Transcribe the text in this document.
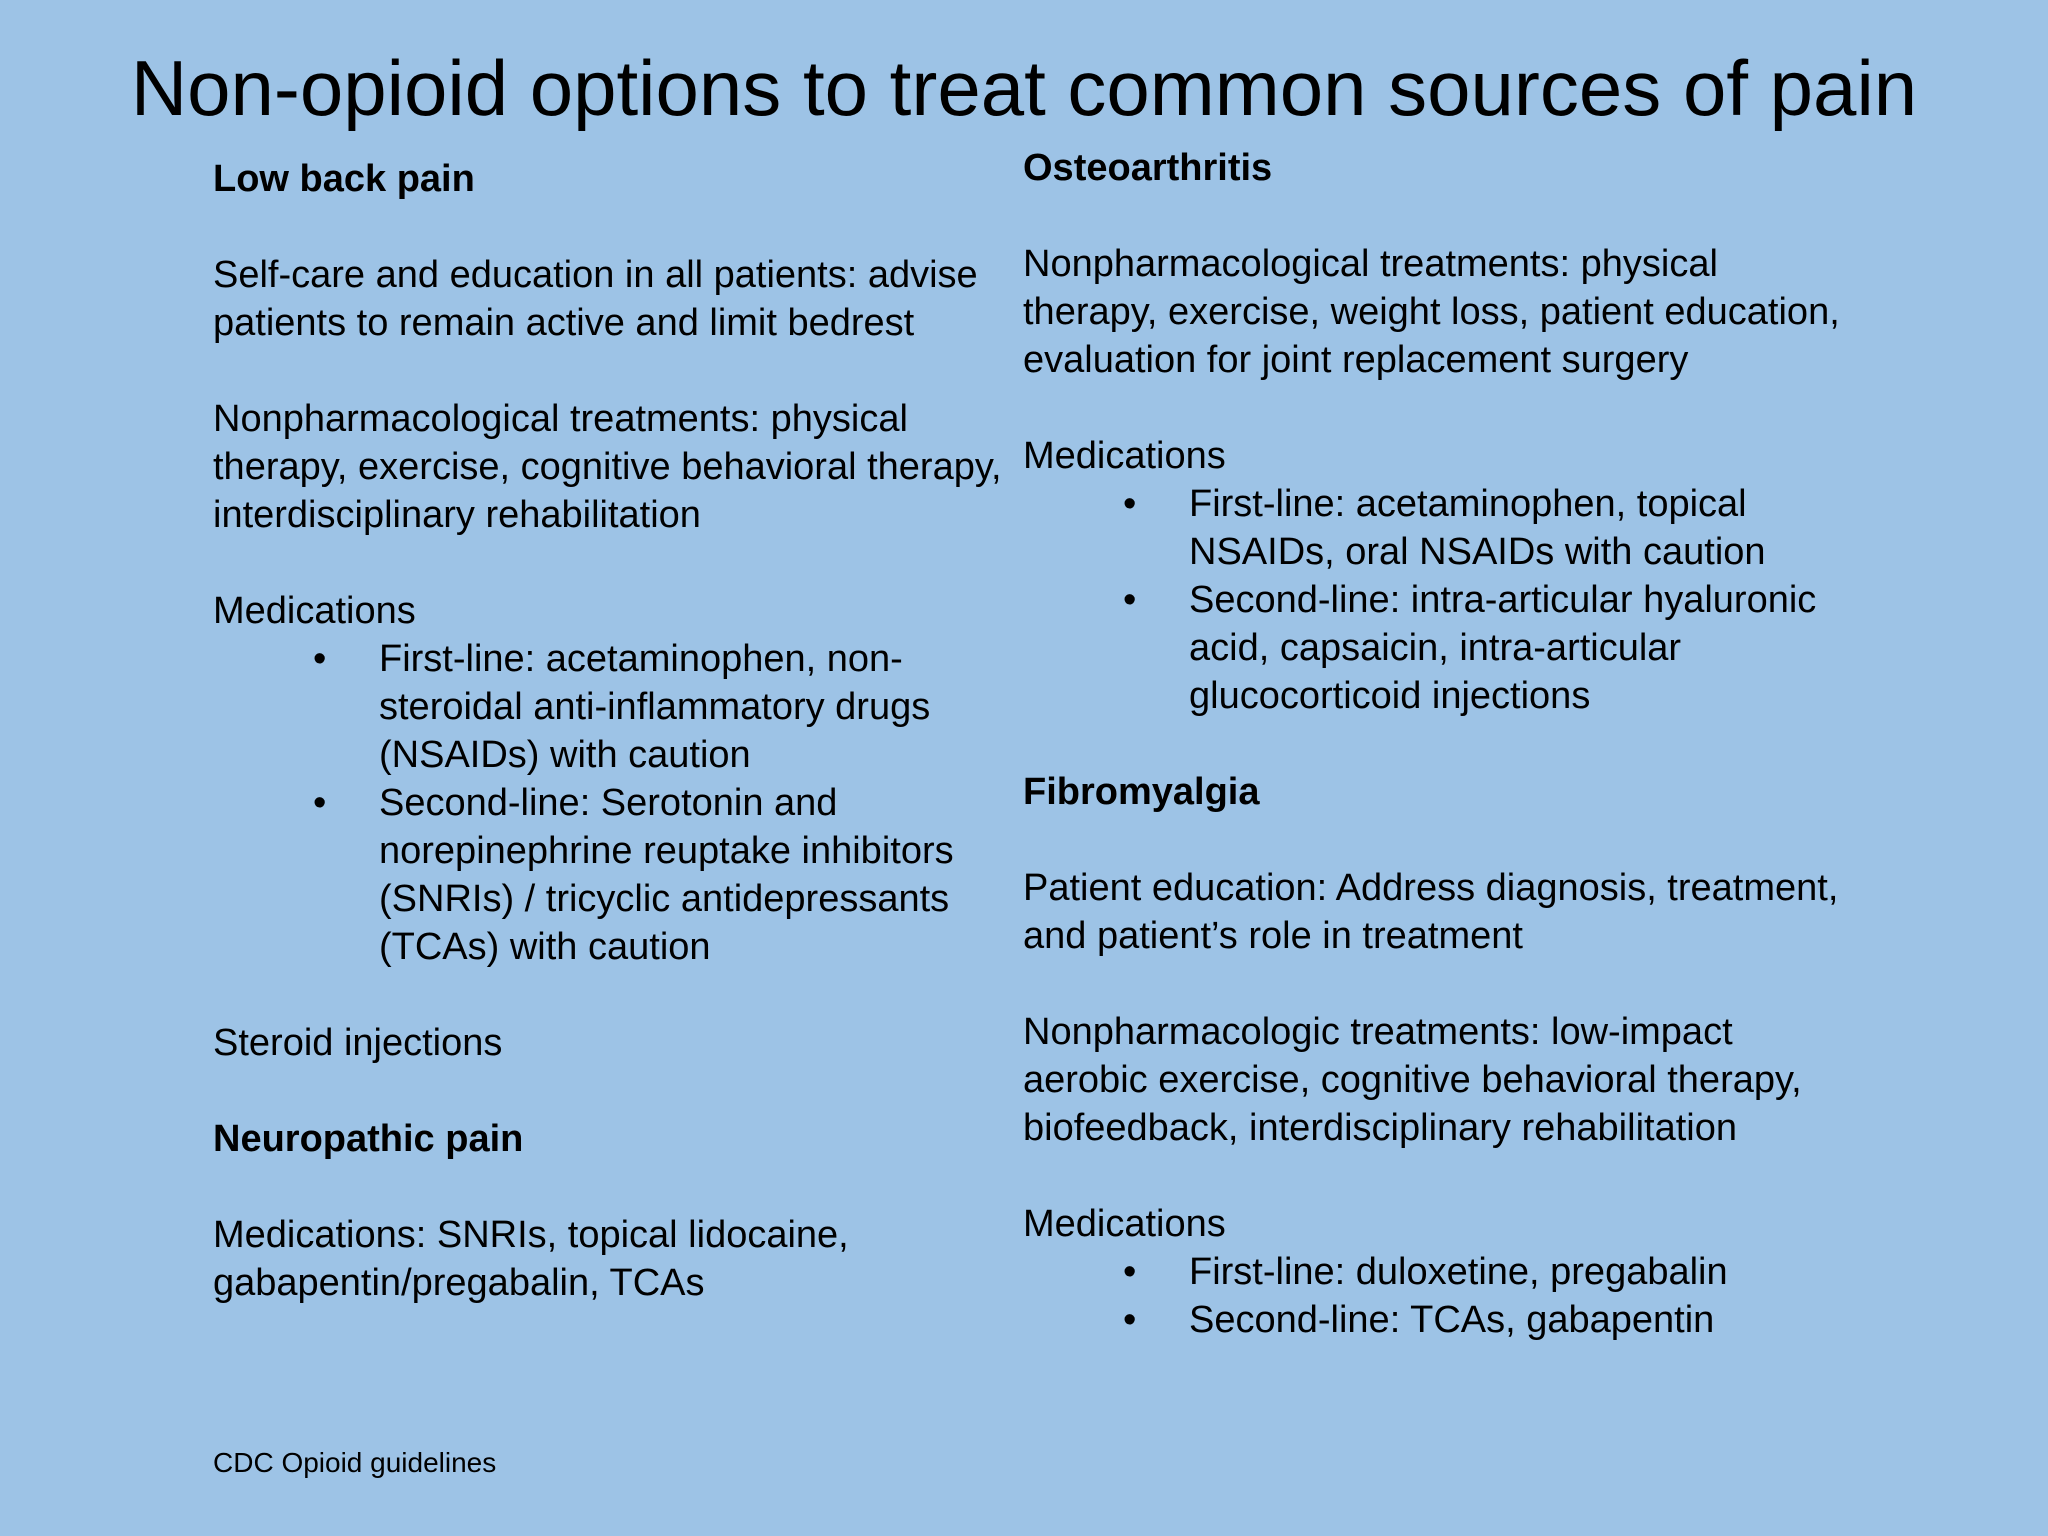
Non-opioid options to treat common sources of pain
Low back pain
Self-care and education in all patients: advise patients to remain active and limit bedrest
Nonpharmacological treatments: physical therapy, exercise, cognitive behavioral therapy, interdisciplinary rehabilitation
Medications
• First-line: acetaminophen, non-steroidal anti-inflammatory drugs (NSAIDs) with caution
• Second-line: Serotonin and norepinephrine reuptake inhibitors (SNRIs) / tricyclic antidepressants (TCAs) with caution
Steroid injections
Neuropathic pain
Medications: SNRIs, topical lidocaine, gabapentin/pregabalin, TCAs
Osteoarthritis
Nonpharmacological treatments: physical therapy, exercise, weight loss, patient education, evaluation for joint replacement surgery
Medications
• First-line: acetaminophen, topical NSAIDs, oral NSAIDs with caution
• Second-line: intra-articular hyaluronic acid, capsaicin, intra-articular glucocorticoid injections
Fibromyalgia
Patient education: Address diagnosis, treatment, and patient’s role in treatment
Nonpharmacologic treatments: low-impact aerobic exercise, cognitive behavioral therapy, biofeedback, interdisciplinary rehabilitation
Medications
• First-line: duloxetine, pregabalin
• Second-line: TCAs, gabapentin
CDC Opioid guidelines
